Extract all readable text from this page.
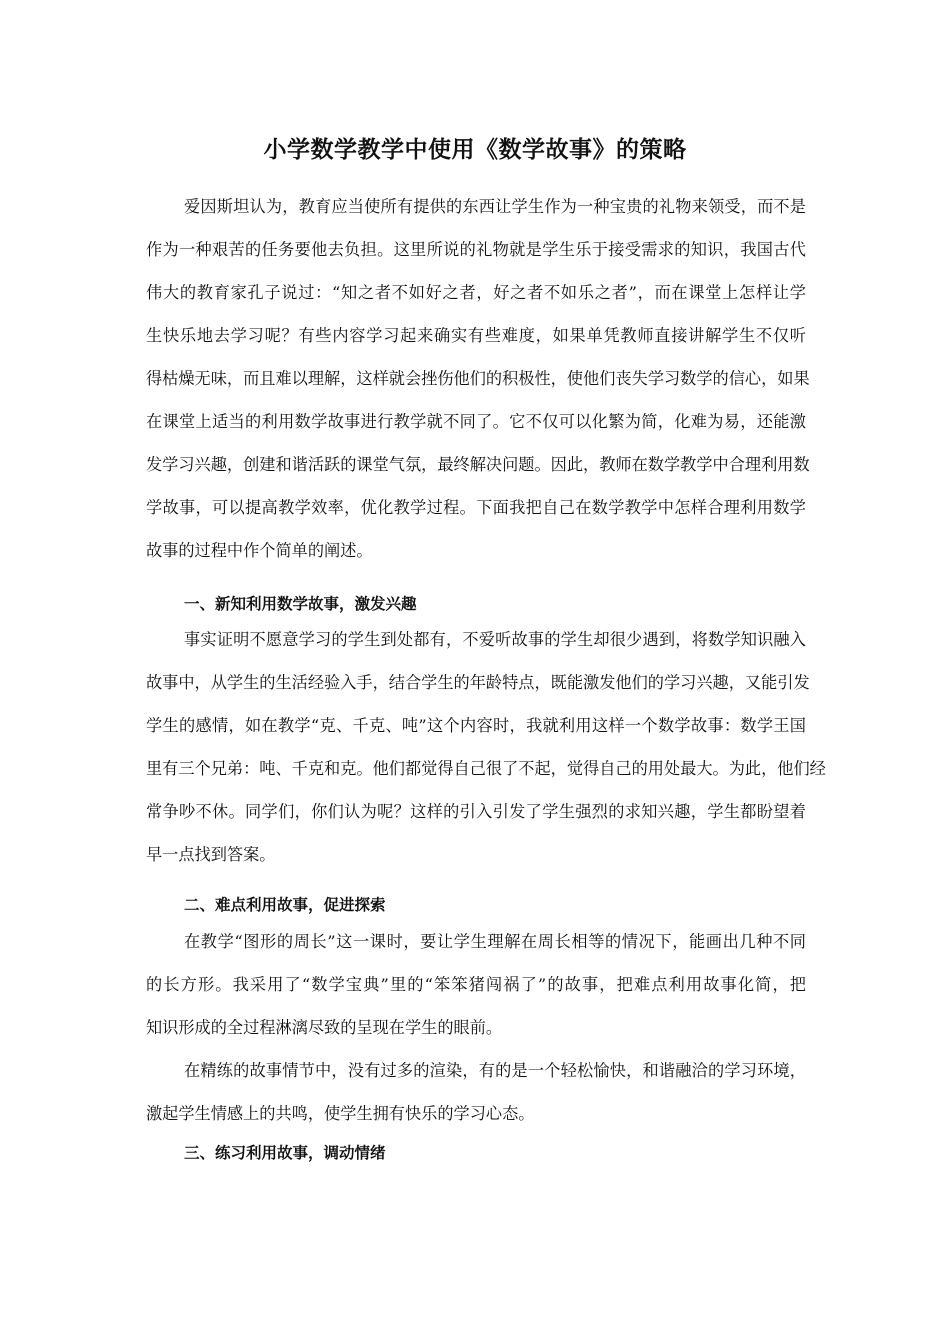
小学数学教学中使用《数学故事》的策略

爱因斯坦认为，教育应当使所有提供的东西让学生作为一种宝贵的礼物来领受，而不是

作为一种艰苦的任务要他去负担。这里所说的礼物就是学生乐于接受需求的知识，我国古代

伟大的教育家孔子说过：“知之者不如好之者，好之者不如乐之者”，而在课堂上怎样让学

生快乐地去学习呢？有些内容学习起来确实有些难度，如果单凭教师直接讲解学生不仅听

得枯燥无味，而且难以理解，这样就会挫伤他们的积极性，使他们丧失学习数学的信心，如果

在课堂上适当的利用数学故事进行教学就不同了。它不仅可以化繁为简，化难为易，还能激

发学习兴趣，创建和谐活跃的课堂气氛，最终解决问题。因此，教师在数学教学中合理利用数

学故事，可以提高教学效率，优化教学过程。下面我把自己在数学教学中怎样合理利用数学

故事的过程中作个简单的阐述。

一、新知利用数学故事，激发兴趣

事实证明不愿意学习的学生到处都有，不爱听故事的学生却很少遇到，将数学知识融入

故事中，从学生的生活经验入手，结合学生的年龄特点，既能激发他们的学习兴趣，又能引发

学生的感情，如在教学“克、千克、吨”这个内容时，我就利用这样一个数学故事：数学王国

里有三个兄弟：吨、千克和克。他们都觉得自己很了不起，觉得自己的用处最大。为此，他们经

常争吵不休。同学们，你们认为呢？这样的引入引发了学生强烈的求知兴趣，学生都盼望着

早一点找到答案。

二、难点利用故事，促进探索

在教学“图形的周长”这一课时，要让学生理解在周长相等的情况下，能画出几种不同

的长方形。我采用了“数学宝典”里的“笨笨猪闯祸了”的故事，把难点利用故事化简，把

知识形成的全过程淋漓尽致的呈现在学生的眼前。

在精练的故事情节中，没有过多的渲染，有的是一个轻松愉快，和谐融洽的学习环境，

激起学生情感上的共鸣，使学生拥有快乐的学习心态。

三、练习利用故事，调动情绪
